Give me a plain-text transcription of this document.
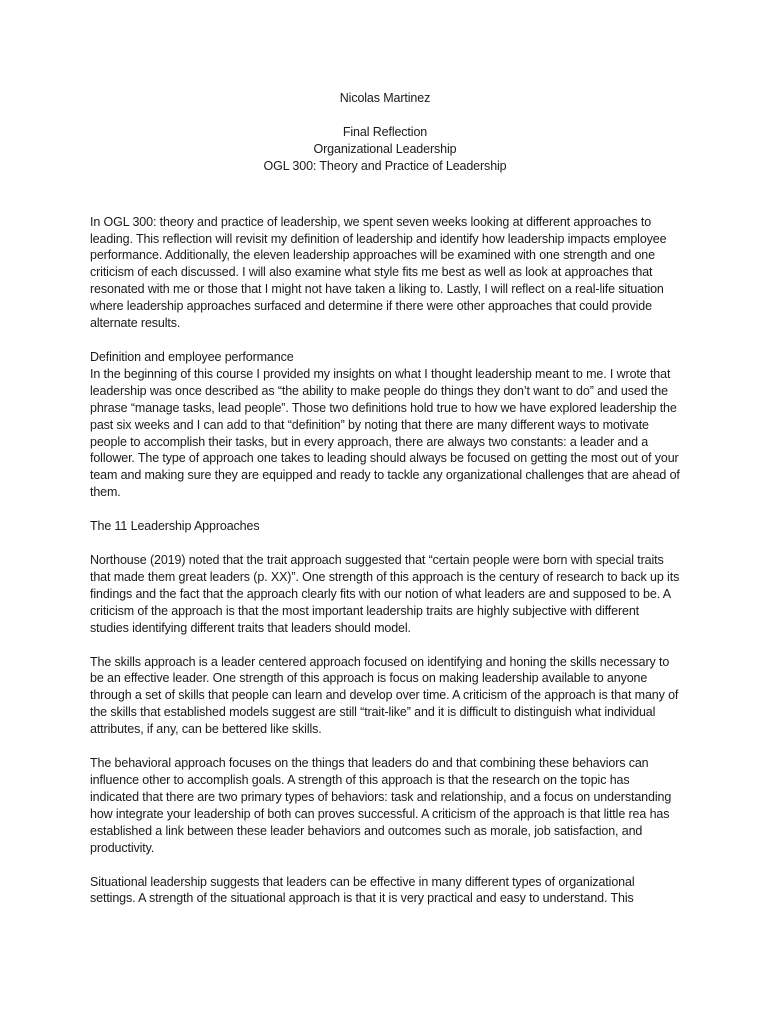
Nicolas Martinez
Final Reflection
Organizational Leadership
OGL 300: Theory and Practice of Leadership

In OGL 300: theory and practice of leadership, we spent seven weeks looking at different approaches to leading. This reflection will revisit my definition of leadership and identify how leadership impacts employee performance. Additionally, the eleven leadership approaches will be examined with one strength and one criticism of each discussed. I will also examine what style fits me best as well as look at approaches that resonated with me or those that I might not have taken a liking to. Lastly, I will reflect on a real-life situation where leadership approaches surfaced and determine if there were other approaches that could provide alternate results.

Definition and employee performance

In the beginning of this course I provided my insights on what I thought leadership meant to me. I wrote that leadership was once described as “the ability to make people do things they don’t want to do” and used the phrase “manage tasks, lead people”. Those two definitions hold true to how we have explored leadership the past six weeks and I can add to that “definition” by noting that there are many different ways to motivate people to accomplish their tasks, but in every approach, there are always two constants: a leader and a follower. The type of approach one takes to leading should always be focused on getting the most out of your team and making sure they are equipped and ready to tackle any organizational challenges that are ahead of them.

The 11 Leadership Approaches

Northouse (2019) noted that the trait approach suggested that “certain people were born with special traits that made them great leaders (p. XX)”. One strength of this approach is the century of research to back up its findings and the fact that the approach clearly fits with our notion of what leaders are and supposed to be. A criticism of the approach is that the most important leadership traits are highly subjective with different studies identifying different traits that leaders should model.

The skills approach is a leader centered approach focused on identifying and honing the skills necessary to be an effective leader. One strength of this approach is focus on making leadership available to anyone through a set of skills that people can learn and develop over time. A criticism of the approach is that many of the skills that established models suggest are still “trait-like” and it is difficult to distinguish what individual attributes, if any, can be bettered like skills.

The behavioral approach focuses on the things that leaders do and that combining these behaviors can influence other to accomplish goals. A strength of this approach is that the research on the topic has indicated that there are two primary types of behaviors: task and relationship, and a focus on understanding how integrate your leadership of both can proves successful. A criticism of the approach is that little rea has established a link between these leader behaviors and outcomes such as morale, job satisfaction, and productivity.

Situational leadership suggests that leaders can be effective in many different types of organizational settings. A strength of the situational approach is that it is very practical and easy to understand. This
